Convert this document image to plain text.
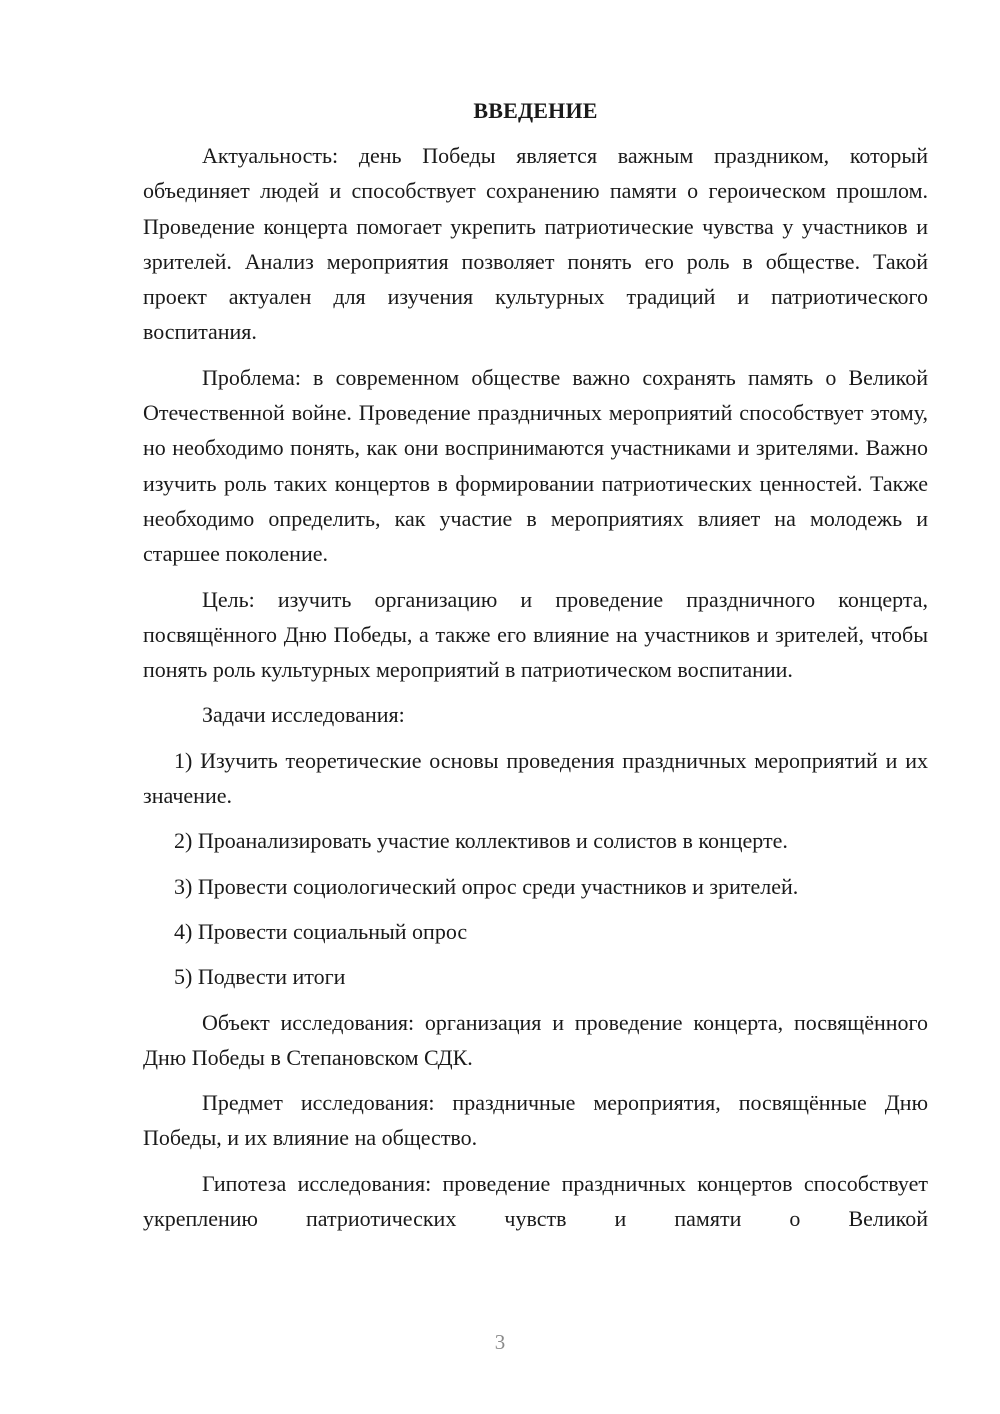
ВВЕДЕНИЕ

Актуальность: день Победы является важным праздником, который объединяет людей и способствует сохранению памяти о героическом прошлом. Проведение концерта помогает укрепить патриотические чувства у участников и зрителей. Анализ мероприятия позволяет понять его роль в обществе. Такой проект актуален для изучения культурных традиций и патриотического воспитания.

Проблема: в современном обществе важно сохранять память о Великой Отечественной войне. Проведение праздничных мероприятий способствует этому, но необходимо понять, как они воспринимаются участниками и зрителями. Важно изучить роль таких концертов в формировании патриотических ценностей. Также необходимо определить, как участие в мероприятиях влияет на молодежь и старшее поколение.

Цель: изучить организацию и проведение праздничного концерта, посвящённого Дню Победы, а также его влияние на участников и зрителей, чтобы понять роль культурных мероприятий в патриотическом воспитании.

Задачи исследования:

1) Изучить теоретические основы проведения праздничных мероприятий и их значение.

2) Проанализировать участие коллективов и солистов в концерте.

3) Провести социологический опрос среди участников и зрителей.

4) Провести социальный опрос

5) Подвести итоги

Объект исследования: организация и проведение концерта, посвящённого Дню Победы в Степановском СДК.

Предмет исследования: праздничные мероприятия, посвящённые Дню Победы, и их влияние на общество.

Гипотеза исследования: проведение праздничных концертов способствует укреплению патриотических чувств и памяти о Великой

3
